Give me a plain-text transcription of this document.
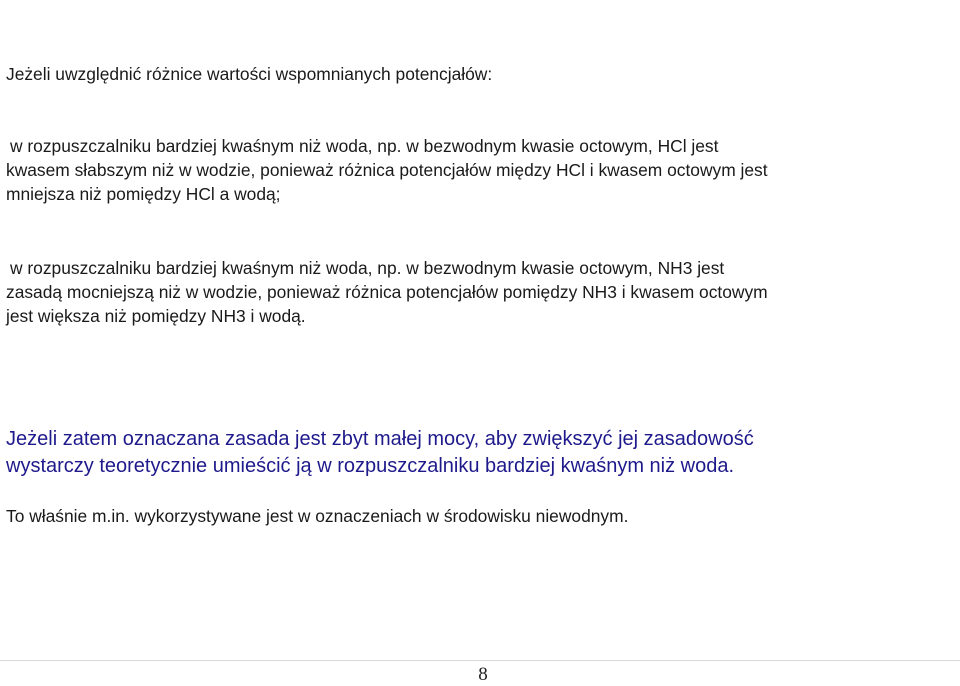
Jeżeli uwzględnić różnice wartości wspomnianych potencjałów:

w rozpuszczalniku bardziej kwaśnym niż woda, np. w bezwodnym kwasie octowym, HCl jest
kwasem słabszym niż w wodzie, ponieważ różnica potencjałów między HCl i kwasem octowym jest
mniejsza niż pomiędzy HCl a wodą;

w rozpuszczalniku bardziej kwaśnym niż woda, np. w bezwodnym kwasie octowym, NH3 jest
zasadą mocniejszą niż w wodzie, ponieważ różnica potencjałów pomiędzy NH3 i kwasem octowym
jest większa niż pomiędzy NH3 i wodą.

Jeżeli zatem oznaczana zasada jest zbyt małej mocy, aby zwiększyć jej zasadowość
wystarczy teoretycznie umieścić ją w rozpuszczalniku bardziej kwaśnym niż woda.

To właśnie m.in. wykorzystywane jest w oznaczeniach w środowisku niewodnym.

8
